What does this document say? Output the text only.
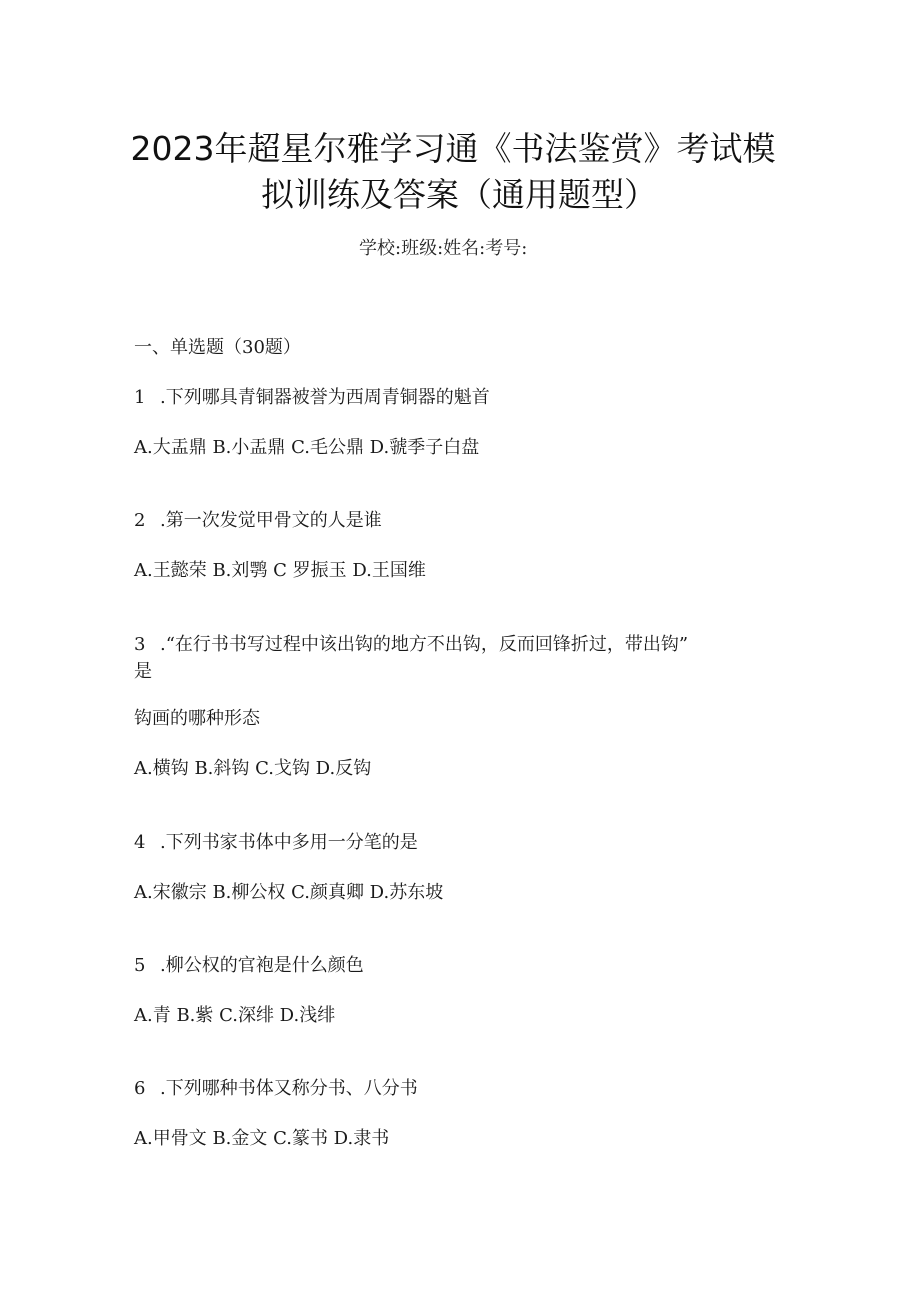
2023年超星尔雅学习通《书法鉴赏》考试模
拟训练及答案（通用题型）
学校:班级:姓名:考号:
一、单选题（30题）
1 .下列哪具青铜器被誉为西周青铜器的魁首
A.大盂鼎 B.小盂鼎 C.毛公鼎 D.虢季子白盘
2 .第一次发觉甲骨文的人是谁
A.王懿荣 B.刘鹗 C 罗振玉 D.王国维
3 .“在行书书写过程中该出钩的地方不出钩，反而回锋折过，带出钩”
是
钩画的哪种形态
A.横钩 B.斜钩 C.戈钩 D.反钩
4 .下列书家书体中多用一分笔的是
A.宋徽宗 B.柳公权 C.颜真卿 D.苏东坡
5 .柳公权的官袍是什么颜色
A.青 B.紫 C.深绯 D.浅绯
6 .下列哪种书体又称分书、八分书
A.甲骨文 B.金文 C.篆书 D.隶书
